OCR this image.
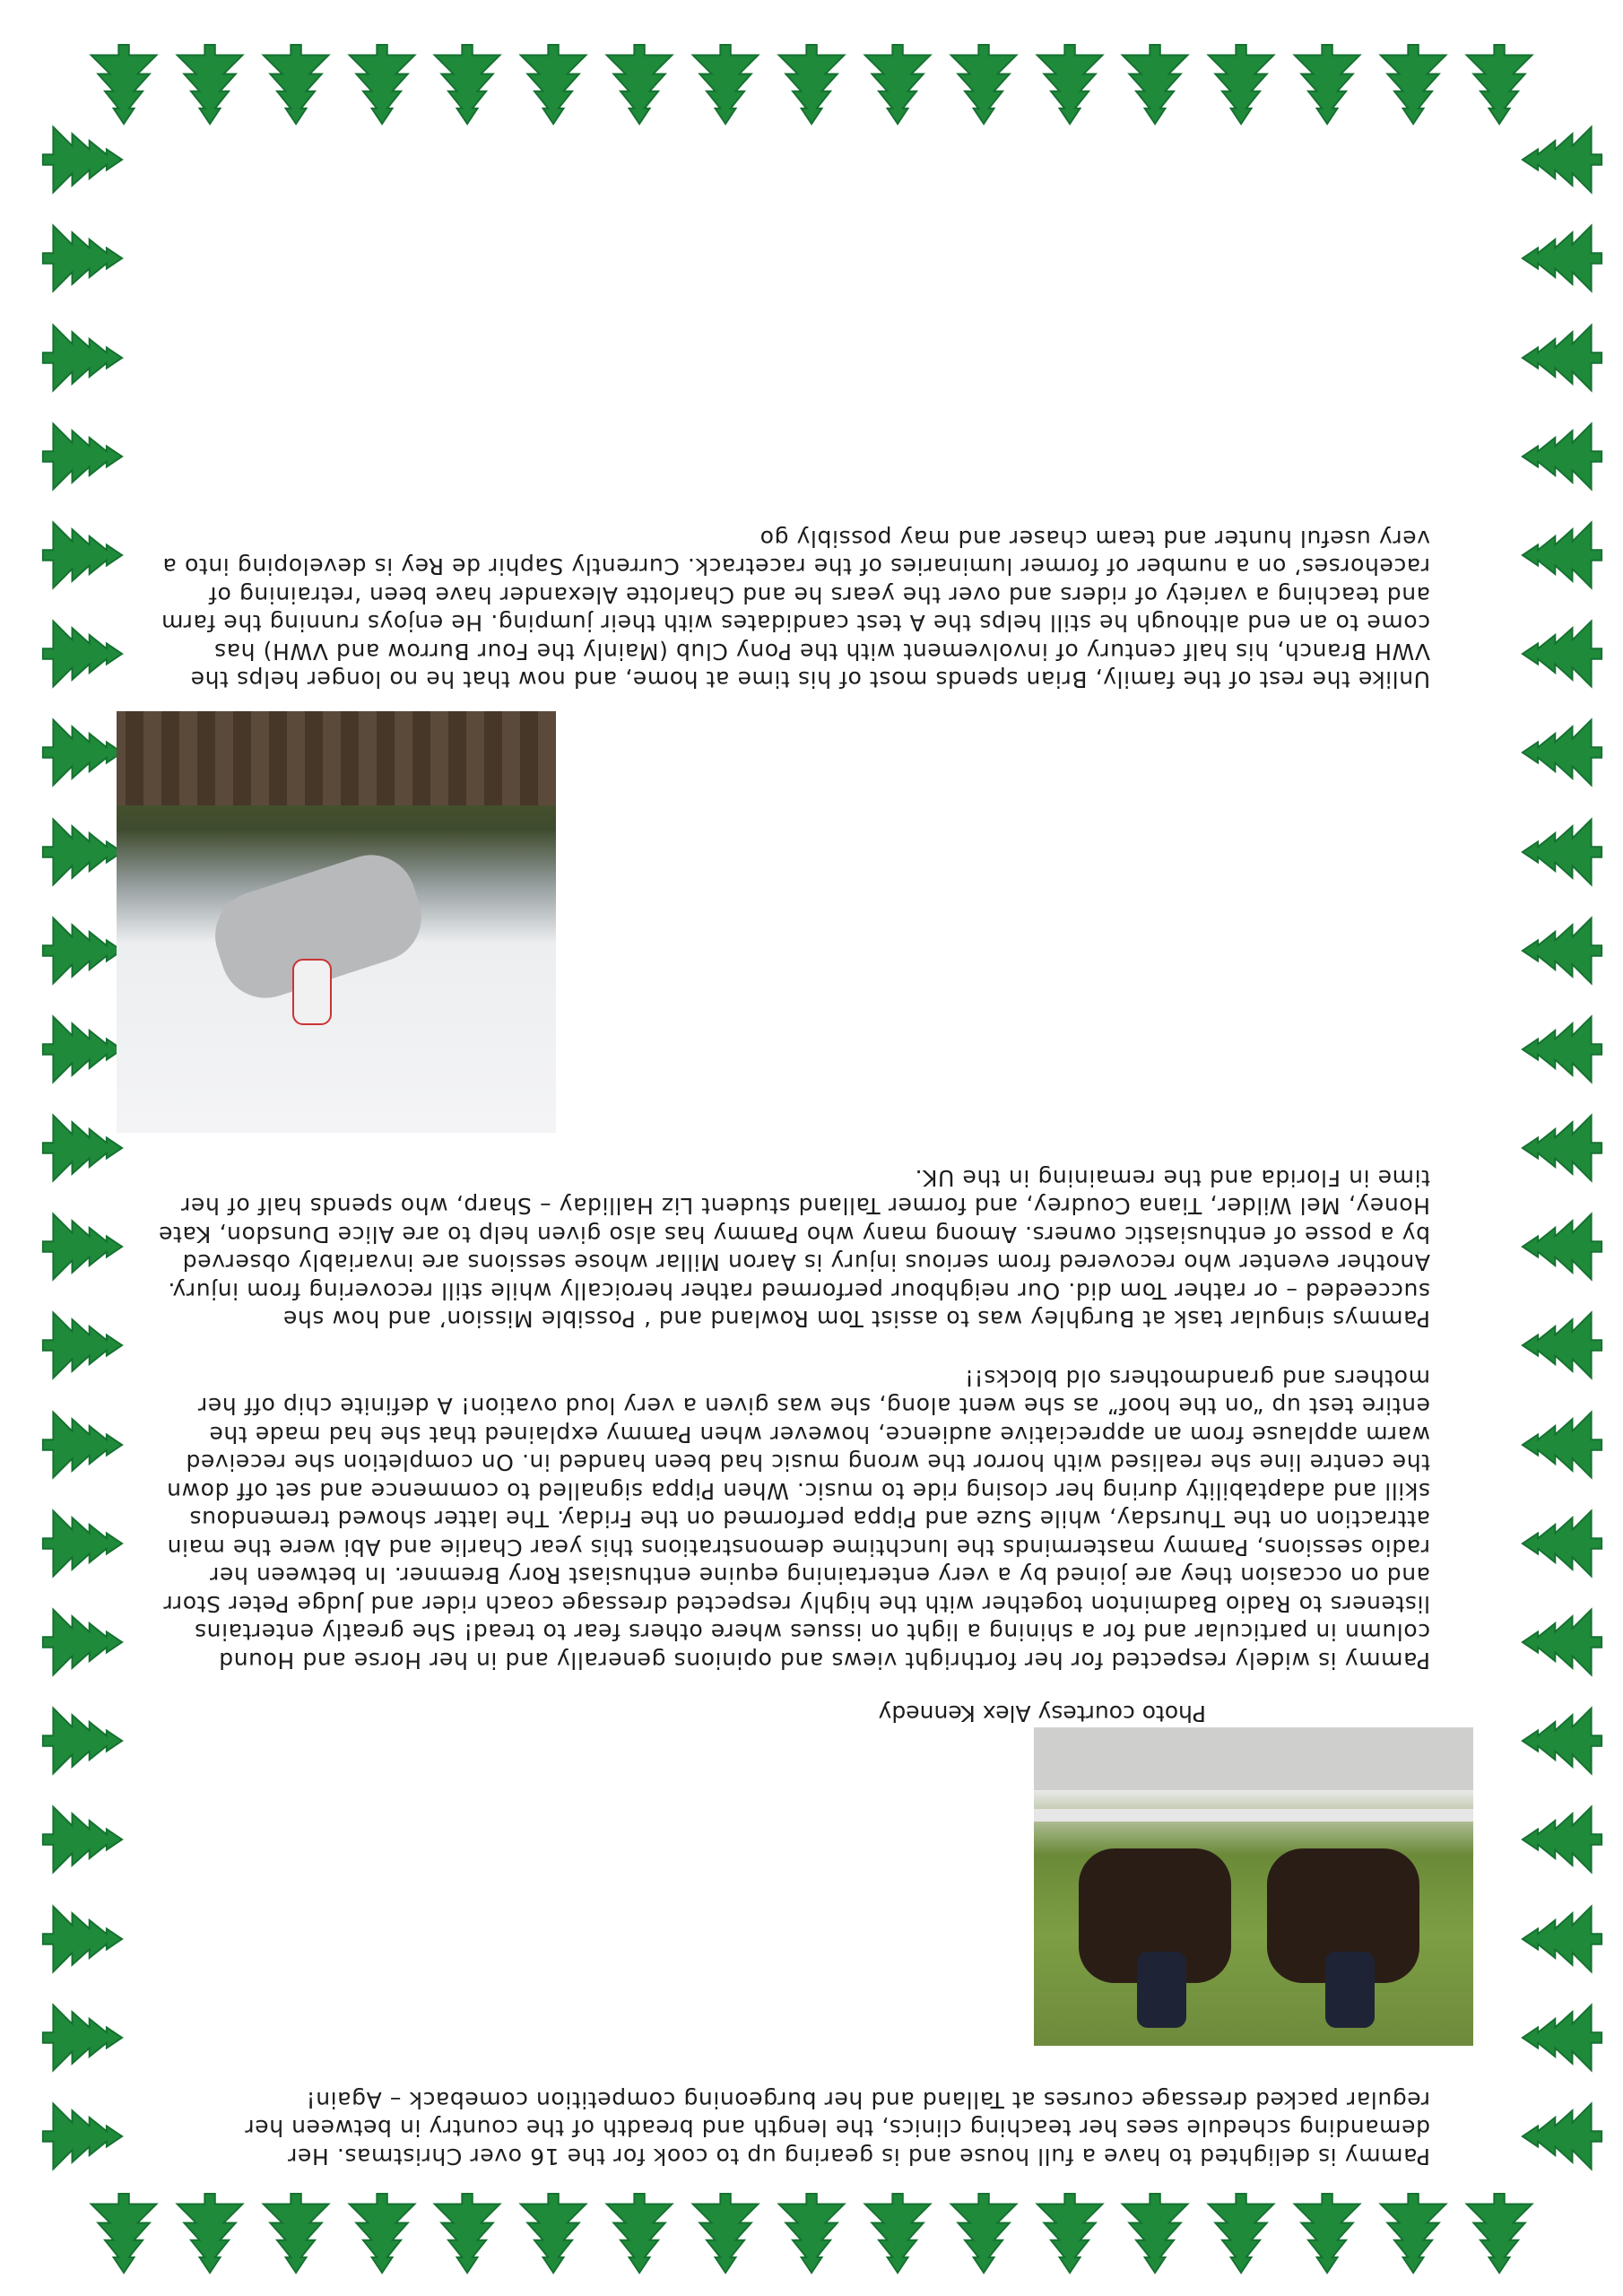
Pammy is delighted to have a full house and is gearing up to cook for the 16 over Christmas. Her demanding schedule sees her teaching clinics, the length and breadth of the country in between her regular packed dressage courses at Talland and her burgeoning competition comeback – Again!

Photo courtesy Alex Kennedy

Pammy is widely respected for her forthright views and opinions generally and in her Horse and Hound column in particular and for a shining a light on issues where others fear to tread! She greatly entertains listeners to Radio Badminton together with the highly respected dressage coach rider and Judge Peter Storr and on occasion they are joined by a very entertaining equine enthusiast Rory Bremner. In between her radio sessions, Pammy masterminds the lunchtime demonstrations this year Charlie and Abi were the main attraction on the Thursday, while Suze and Pippa performed on the Friday. The latter showed tremendous skill and adaptability during her closing ride to music. When Pippa signalled to commence and set off down the centre line she realised with horror the wrong music had been handed in. On completion she received warm applause from an appreciative audience, however when Pammy explained that she had made the entire test up “on the hoof” as she went along, she was given a very loud ovation! A definite chip off her mothers and grandmothers old blocks!!

Pammys singular task at Burghley was to assist Tom Rowland and ‘ Possible Mission’ and how she succeeded – or rather Tom did. Our neighbour performed rather heroically while still recovering from injury. Another eventer who recovered from serious injury is Aaron Millar whose sessions are invariably observed by a posse of enthusiastic owners. Among many who Pammy has also given help to are Alice Dunsdon, Kate Honey, Mel Wilder, Tiana Coudrey, and former Talland student Liz Halliday – Sharp, who spends half of her time in Florida and the remaining in the UK.

Unlike the rest of the family, Brian spends most of his time at home, and now that he no longer helps the VWH Branch, his half century of involvement with the Pony Club (Mainly the Four Burrow and VWH) has come to an end although he still helps the A test candidates with their jumping. He enjoys running the farm and teaching a variety of riders and over the years he and Charlotte Alexander have been ‘retraining of racehorses’ on a number of former luminaries of the racetrack. Currently Saphir de Rey is developing into a very useful hunter and team chaser and may possibly go
